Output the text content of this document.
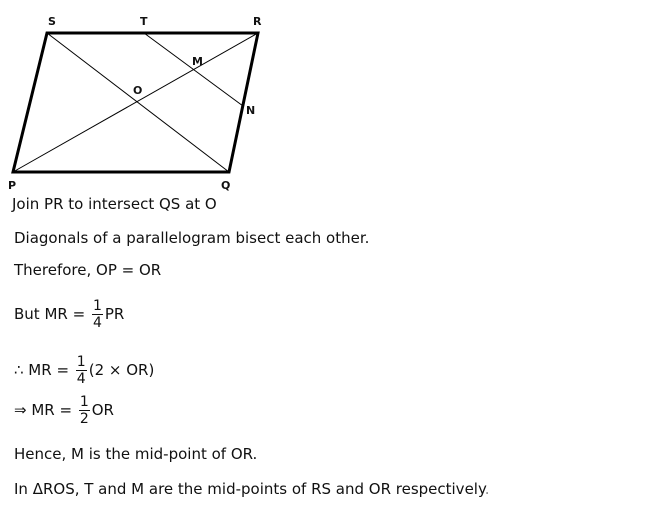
S	T	R
M
O
N
P	Q
Join PR to intersect QS at O
Diagonals of a parallelogram bisect each other.
Therefore, OP = OR
But MR = $\frac{1}{4}$ PR
∴ MR = $\frac{1}{4} (2 \times OR)$
⇒ MR = $\frac{1}{2}$ OR
Hence, M is the mid-point of OR.
In ΔROS, T and M are the mid-points of RS and OR respectively.
